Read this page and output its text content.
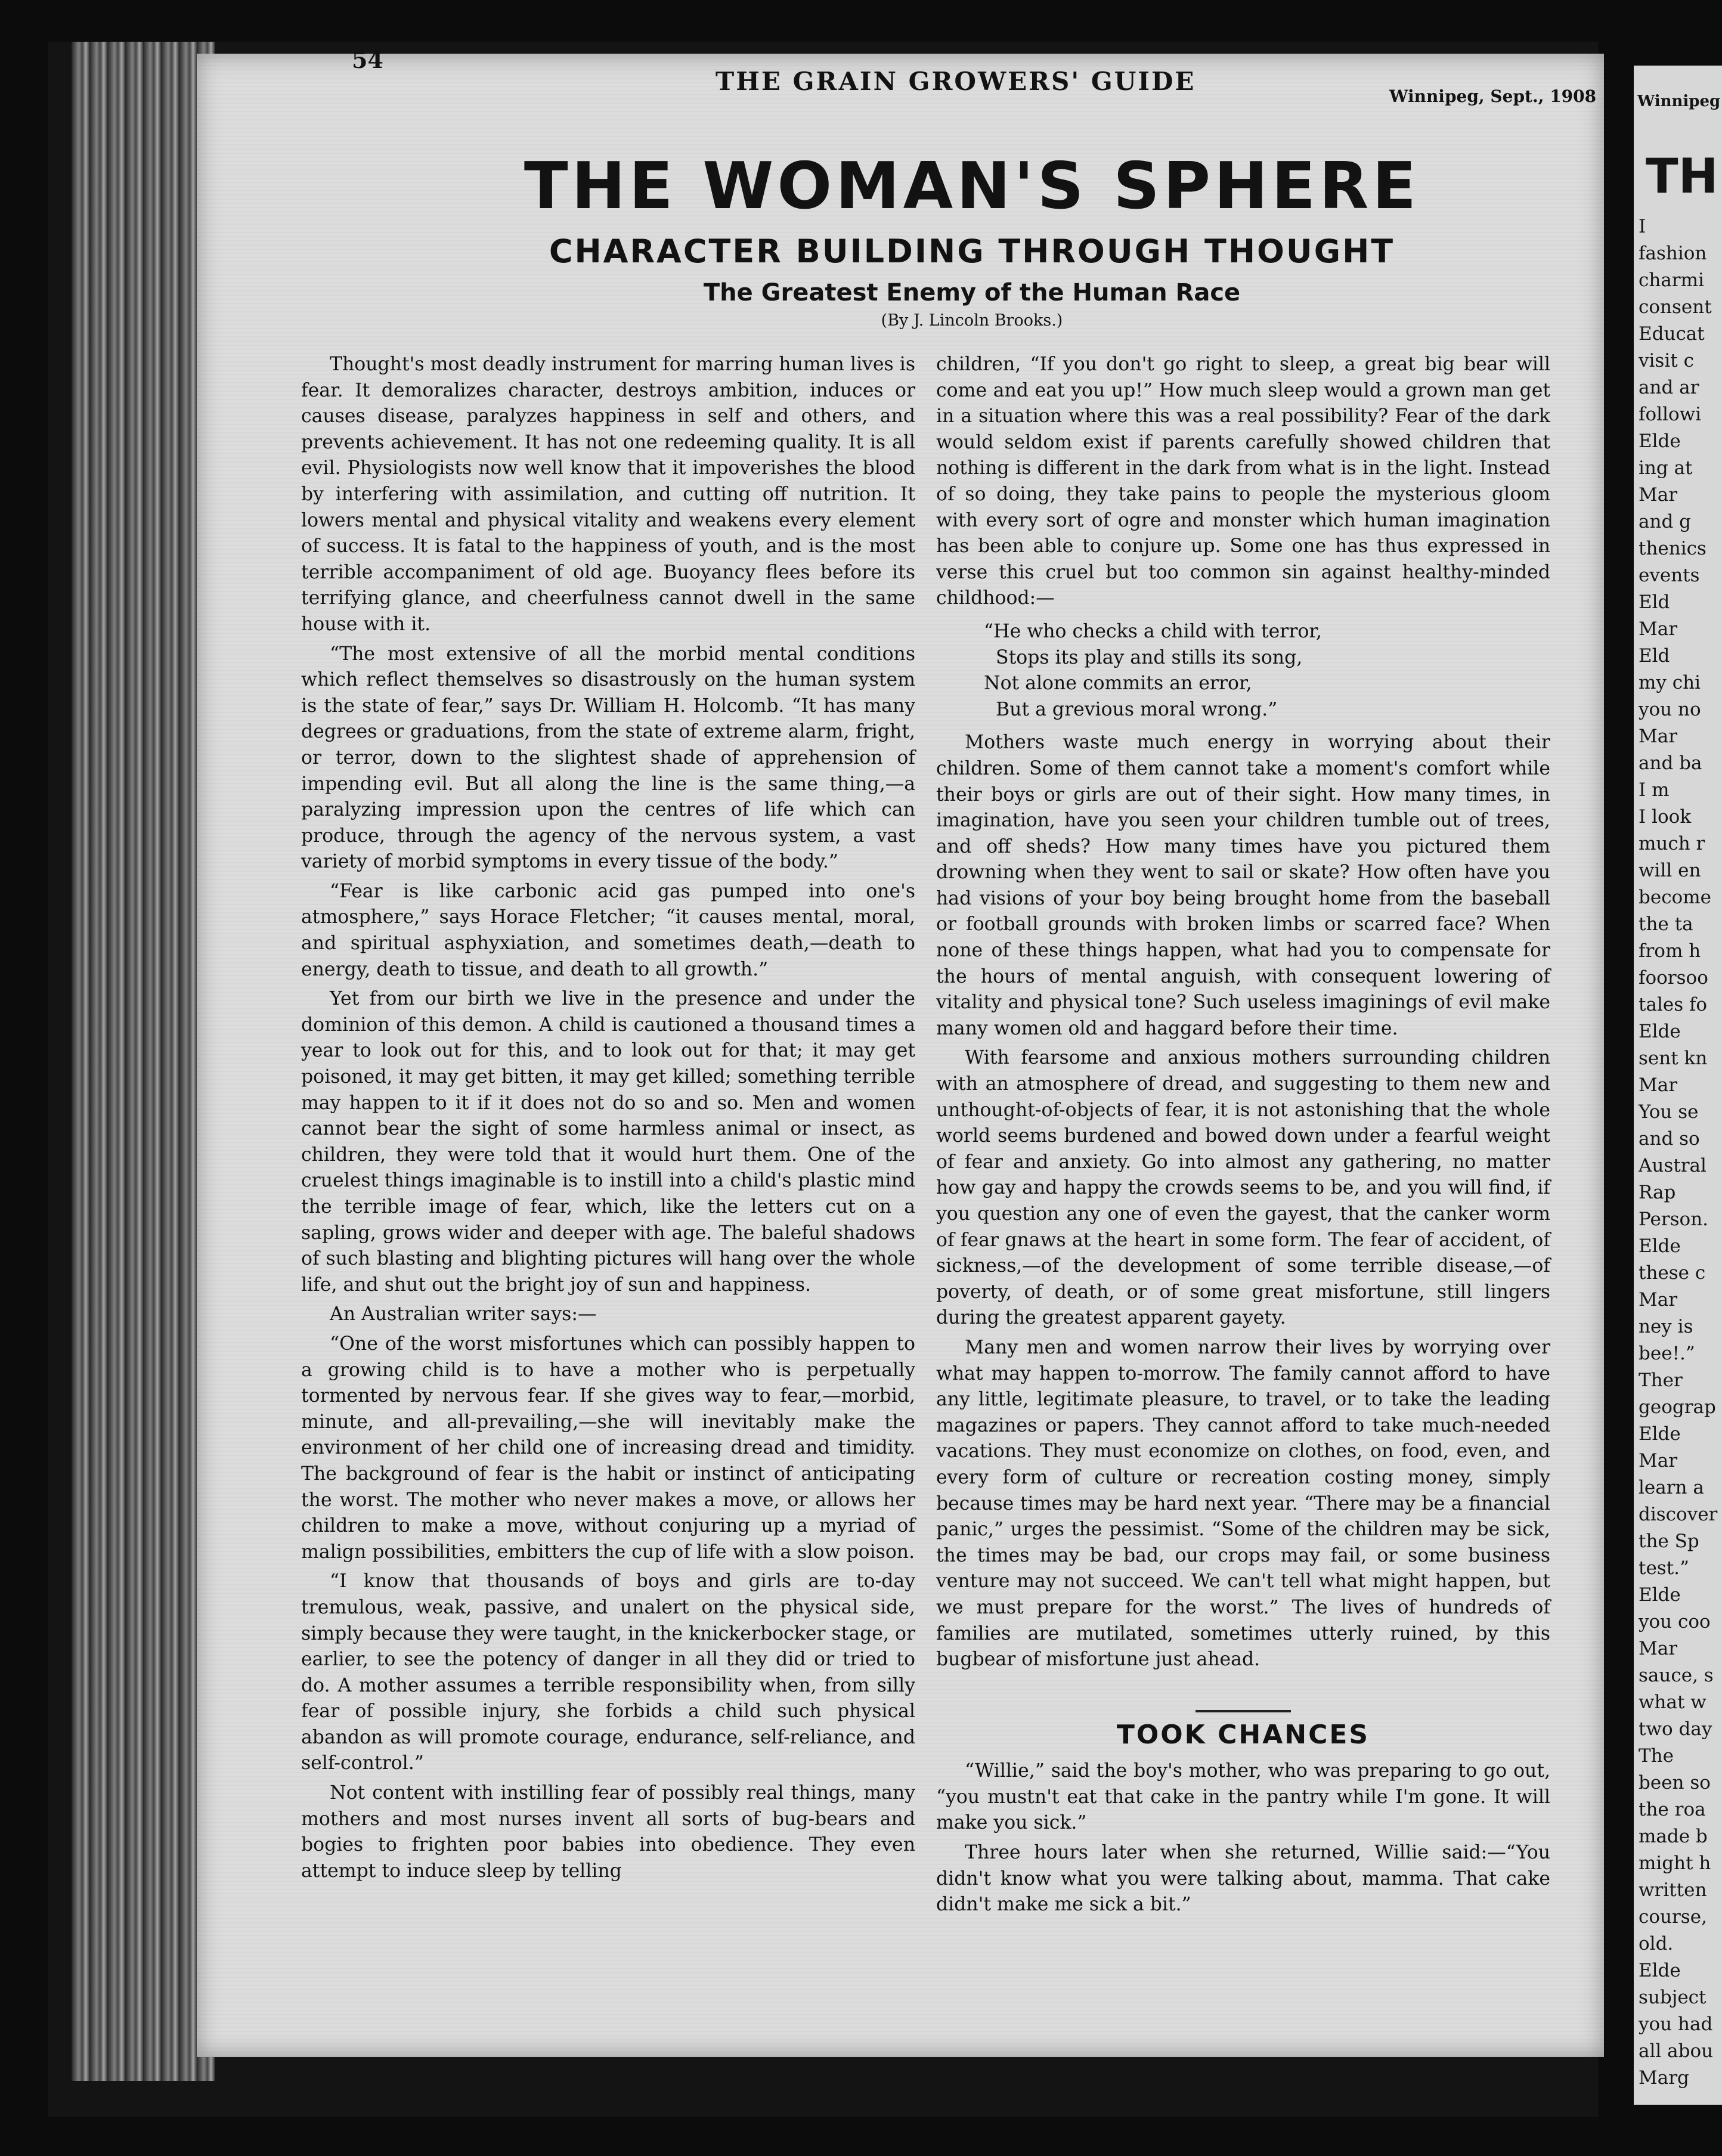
54
THE GRAIN GROWERS' GUIDE
Winnipeg, Sept., 1908
THE WOMAN'S SPHERE
CHARACTER BUILDING THROUGH THOUGHT
The Greatest Enemy of the Human Race
(By J. Lincoln Brooks.)

Thought's most deadly instrument for marring human lives is fear. It demoralizes character, destroys ambition, induces or causes disease, paralyzes happiness in self and others, and prevents achievement. It has not one redeeming quality. It is all evil. Physiologists now well know that it impoverishes the blood by interfering with assimilation, and cutting off nutrition. It lowers mental and physical vitality and weakens every element of success. It is fatal to the happiness of youth, and is the most terrible accompaniment of old age. Buoyancy flees before its terrifying glance, and cheerfulness cannot dwell in the same house with it.

“The most extensive of all the morbid mental conditions which reflect themselves so disastrously on the human system is the state of fear,” says Dr. William H. Holcomb. “It has many degrees or graduations, from the state of extreme alarm, fright, or terror, down to the slightest shade of apprehension of impending evil. But all along the line is the same thing,—a paralyzing impression upon the centres of life which can produce, through the agency of the nervous system, a vast variety of morbid symptoms in every tissue of the body.”

“Fear is like carbonic acid gas pumped into one's atmosphere,” says Horace Fletcher; “it causes mental, moral, and spiritual asphyxiation, and sometimes death,—death to energy, death to tissue, and death to all growth.”

Yet from our birth we live in the presence and under the dominion of this demon. A child is cautioned a thousand times a year to look out for this, and to look out for that; it may get poisoned, it may get bitten, it may get killed; something terrible may happen to it if it does not do so and so. Men and women cannot bear the sight of some harmless animal or insect, as children, they were told that it would hurt them. One of the cruelest things imaginable is to instill into a child's plastic mind the terrible image of fear, which, like the letters cut on a sapling, grows wider and deeper with age. The baleful shadows of such blasting and blighting pictures will hang over the whole life, and shut out the bright joy of sun and happiness.

An Australian writer says:—

“One of the worst misfortunes which can possibly happen to a growing child is to have a mother who is perpetually tormented by nervous fear. If she gives way to fear,—morbid, minute, and all-prevailing,—she will inevitably make the environment of her child one of increasing dread and timidity. The background of fear is the habit or instinct of anticipating the worst. The mother who never makes a move, or allows her children to make a move, without conjuring up a myriad of malign possibilities, embitters the cup of life with a slow poison.

“I know that thousands of boys and girls are to-day tremulous, weak, passive, and unalert on the physical side, simply because they were taught, in the knickerbocker stage, or earlier, to see the potency of danger in all they did or tried to do. A mother assumes a terrible responsibility when, from silly fear of possible injury, she forbids a child such physical abandon as will promote courage, endurance, self-reliance, and self-control.”

Not content with instilling fear of possibly real things, many mothers and most nurses invent all sorts of bug-bears and bogies to frighten poor babies into obedience. They even attempt to induce sleep by telling

children, “If you don't go right to sleep, a great big bear will come and eat you up!” How much sleep would a grown man get in a situation where this was a real possibility? Fear of the dark would seldom exist if parents carefully showed children that nothing is different in the dark from what is in the light. Instead of so doing, they take pains to people the mysterious gloom with every sort of ogre and monster which human imagination has been able to conjure up. Some one has thus expressed in verse this cruel but too common sin against healthy-minded childhood:—

“He who checks a child with terror,
Stops its play and stills its song,
Not alone commits an error,
But a grevious moral wrong.”

Mothers waste much energy in worrying about their children. Some of them cannot take a moment's comfort while their boys or girls are out of their sight. How many times, in imagination, have you seen your children tumble out of trees, and off sheds? How many times have you pictured them drowning when they went to sail or skate? How often have you had visions of your boy being brought home from the baseball or football grounds with broken limbs or scarred face? When none of these things happen, what had you to compensate for the hours of mental anguish, with consequent lowering of vitality and physical tone? Such useless imaginings of evil make many women old and haggard before their time.

With fearsome and anxious mothers surrounding children with an atmosphere of dread, and suggesting to them new and unthought-of-objects of fear, it is not astonishing that the whole world seems burdened and bowed down under a fearful weight of fear and anxiety. Go into almost any gathering, no matter how gay and happy the crowds seems to be, and you will find, if you question any one of even the gayest, that the canker worm of fear gnaws at the heart in some form. The fear of accident, of sickness,—of the development of some terrible disease,—of poverty, of death, or of some great misfortune, still lingers during the greatest apparent gayety.

Many men and women narrow their lives by worrying over what may happen to-morrow. The family cannot afford to have any little, legitimate pleasure, to travel, or to take the leading magazines or papers. They cannot afford to take much-needed vacations. They must economize on clothes, on food, even, and every form of culture or recreation costing money, simply because times may be hard next year. “There may be a financial panic,” urges the pessimist. “Some of the children may be sick, the times may be bad, our crops may fail, or some business venture may not succeed. We can't tell what might happen, but we must prepare for the worst.” The lives of hundreds of families are mutilated, sometimes utterly ruined, by this bugbear of misfortune just ahead.

TOOK CHANCES

“Willie,” said the boy's mother, who was preparing to go out, “you mustn't eat that cake in the pantry while I'm gone. It will make you sick.”

Three hours later when she returned, Willie said:—“You didn't know what you were talking about, mamma. That cake didn't make me sick a bit.”

Winnipeg
TH
I
fashion
charmi
consent
Educat
visit c
and ar
followi
Elde
ing at
Mar
and g
thenics
events
Eld
Mar
Eld
my chi
you no
Mar
and ba
I m
I look
much r
will en
become
the ta
from h
foorsoo
tales fo
Elde
sent kn
Mar
You se
and so
Austral
Rap
Person.
Elde
these c
Mar
ney is
bee!.”
Ther
geograp
Elde
Mar
learn a
discover
the Sp
test.”
Elde
you coo
Mar
sauce, s
what w
two day
The
been so
the roa
made b
might h
written
course,
old.
Elde
subject
you had
all abou
Marg
